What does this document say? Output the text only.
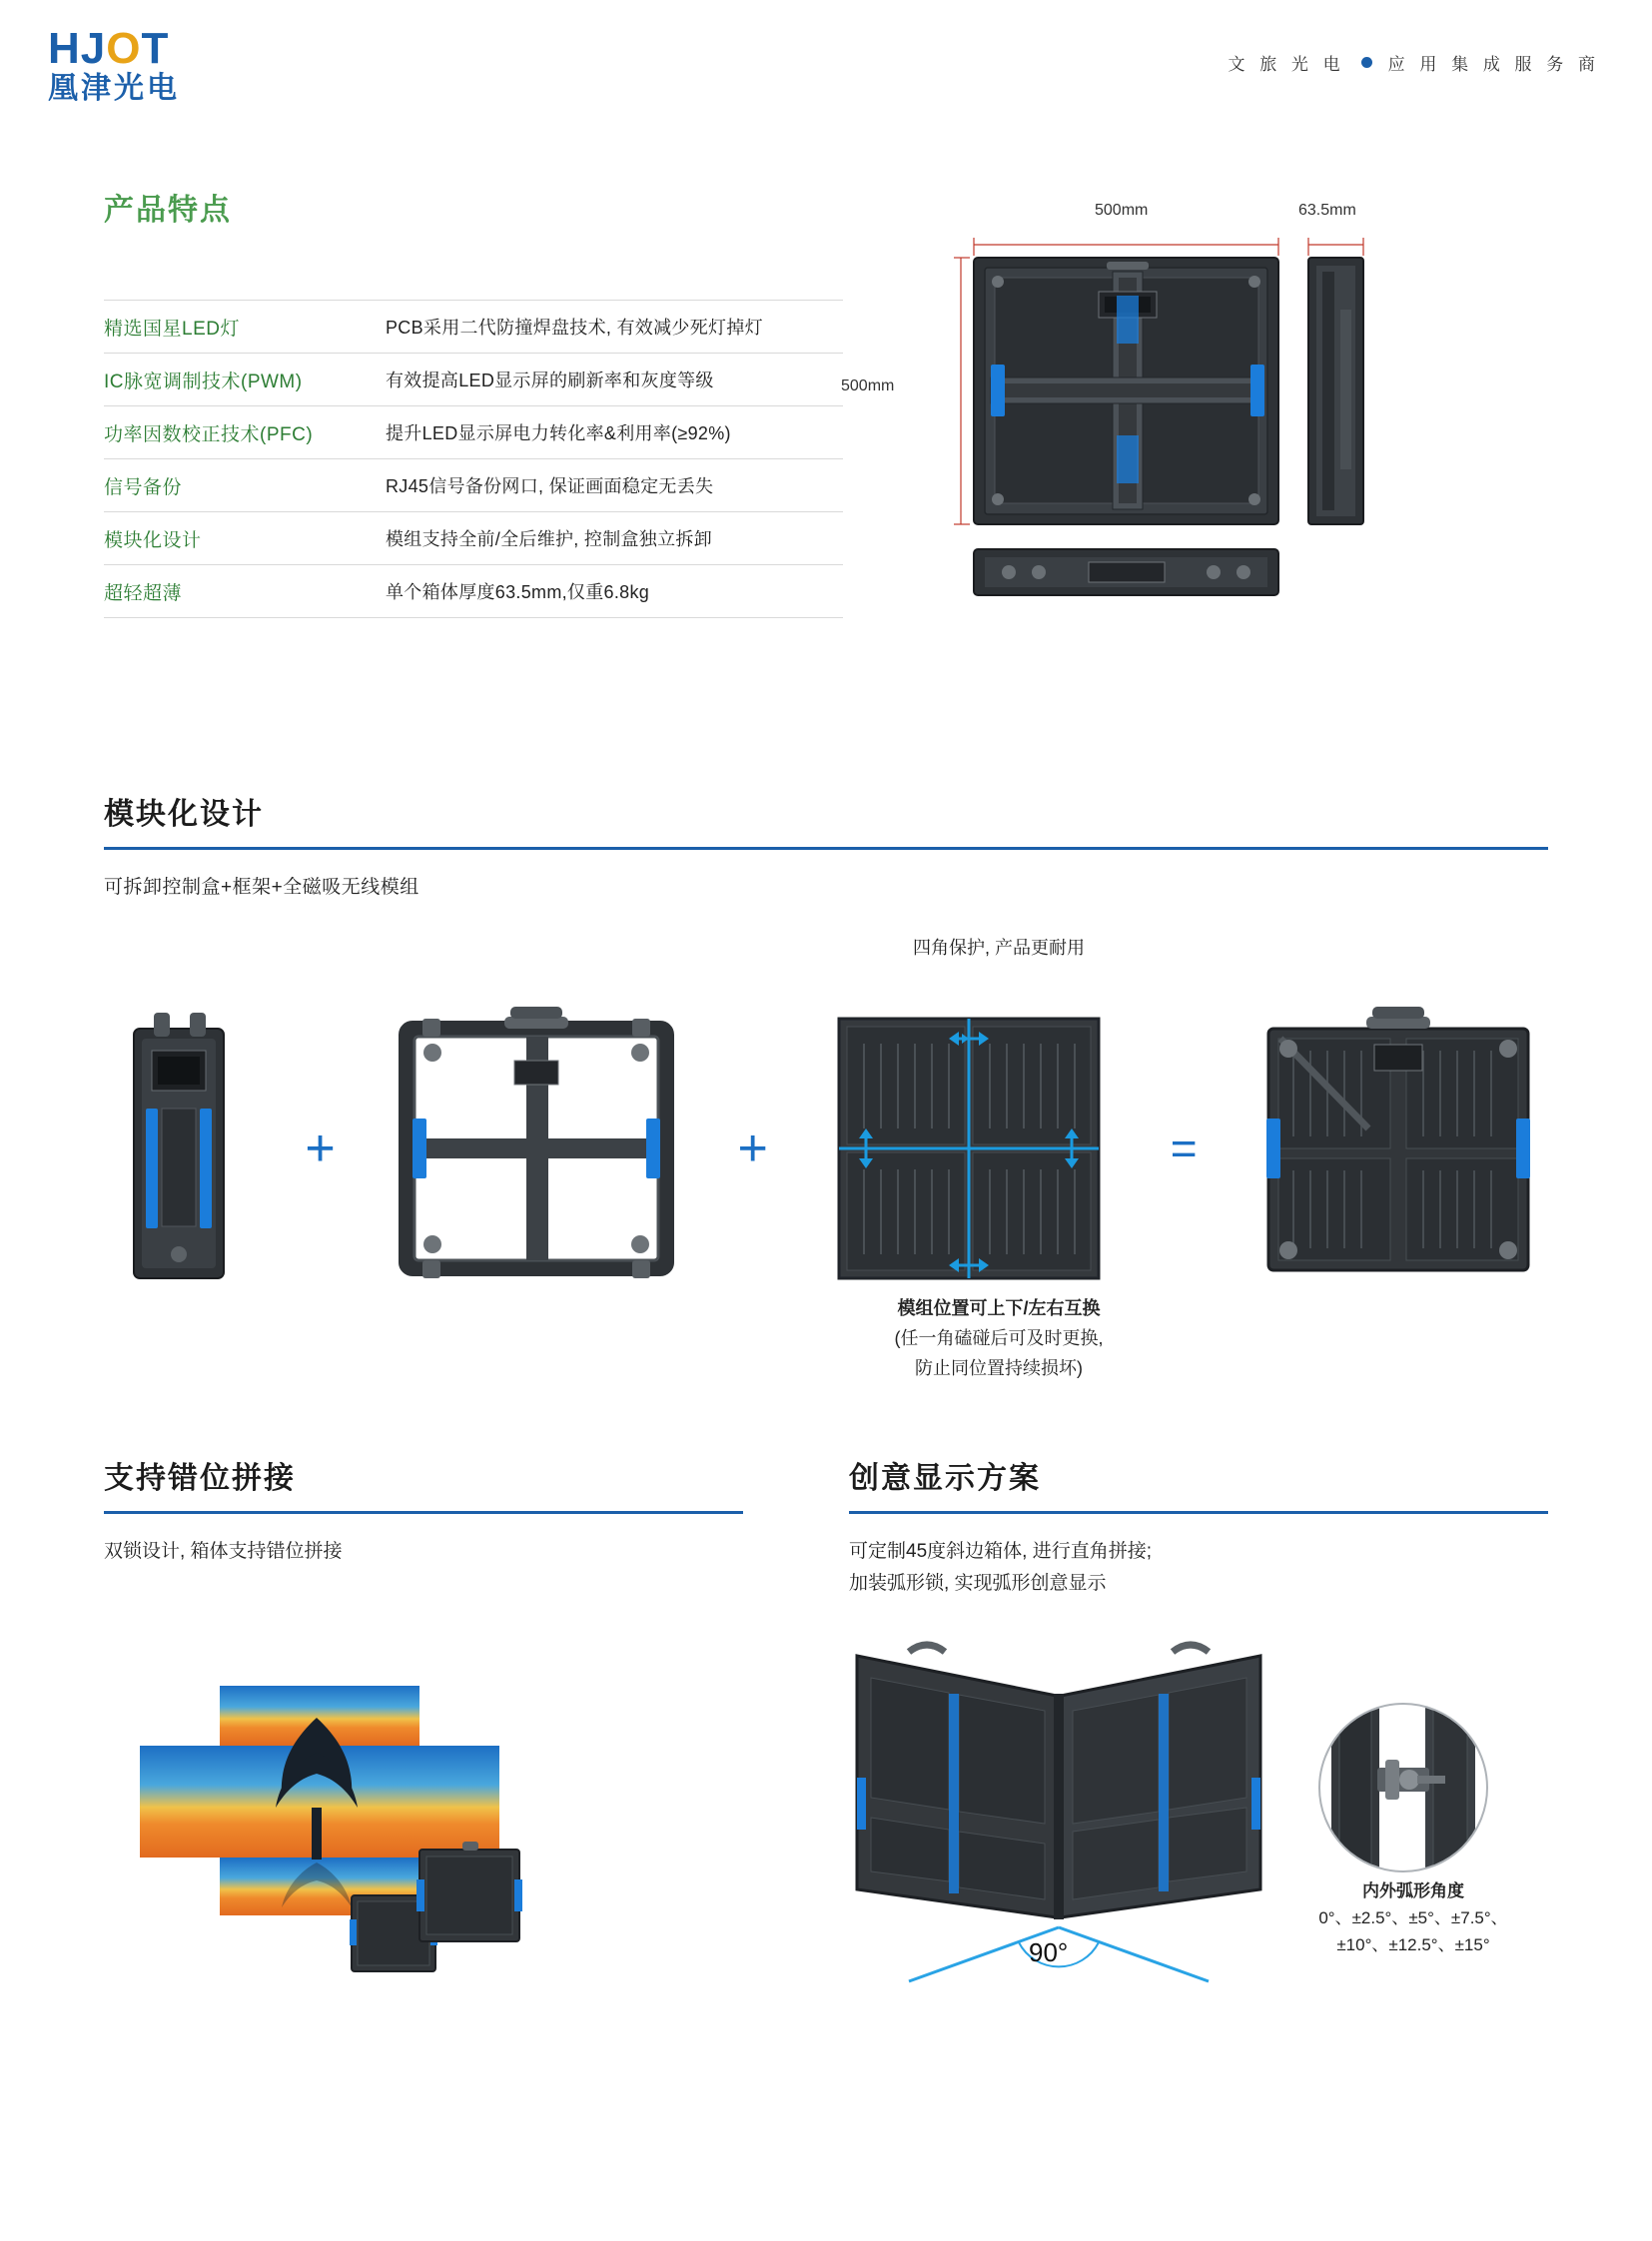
HJOT
凰津光电
文 旅 光 电	应 用 集 成 服 务 商
产品特点
精选国星LED灯	PCB采用二代防撞焊盘技术, 有效减少死灯掉灯
IC脉宽调制技术(PWM)	有效提高LED显示屏的刷新率和灰度等级
功率因数校正技术(PFC)	提升LED显示屏电力转化率&利用率(≥92%)
信号备份	RJ45信号备份网口, 保证画面稳定无丢失
模块化设计	模组支持全前/全后维护, 控制盒独立拆卸
超轻超薄	单个箱体厚度63.5mm,仅重6.8kg
500mm	63.5mm
500mm
模块化设计
可拆卸控制盒+框架+全磁吸无线模组
四角保护, 产品更耐用
+	+	=
模组位置可上下/左右互换
(任一角磕碰后可及时更换,
防止同位置持续损坏)
支持错位拼接
双锁设计, 箱体支持错位拼接
创意显示方案
可定制45度斜边箱体, 进行直角拼接;
加装弧形锁, 实现弧形创意显示
90°
内外弧形角度
0°、±2.5°、±5°、±7.5°、
±10°、±12.5°、±15°
